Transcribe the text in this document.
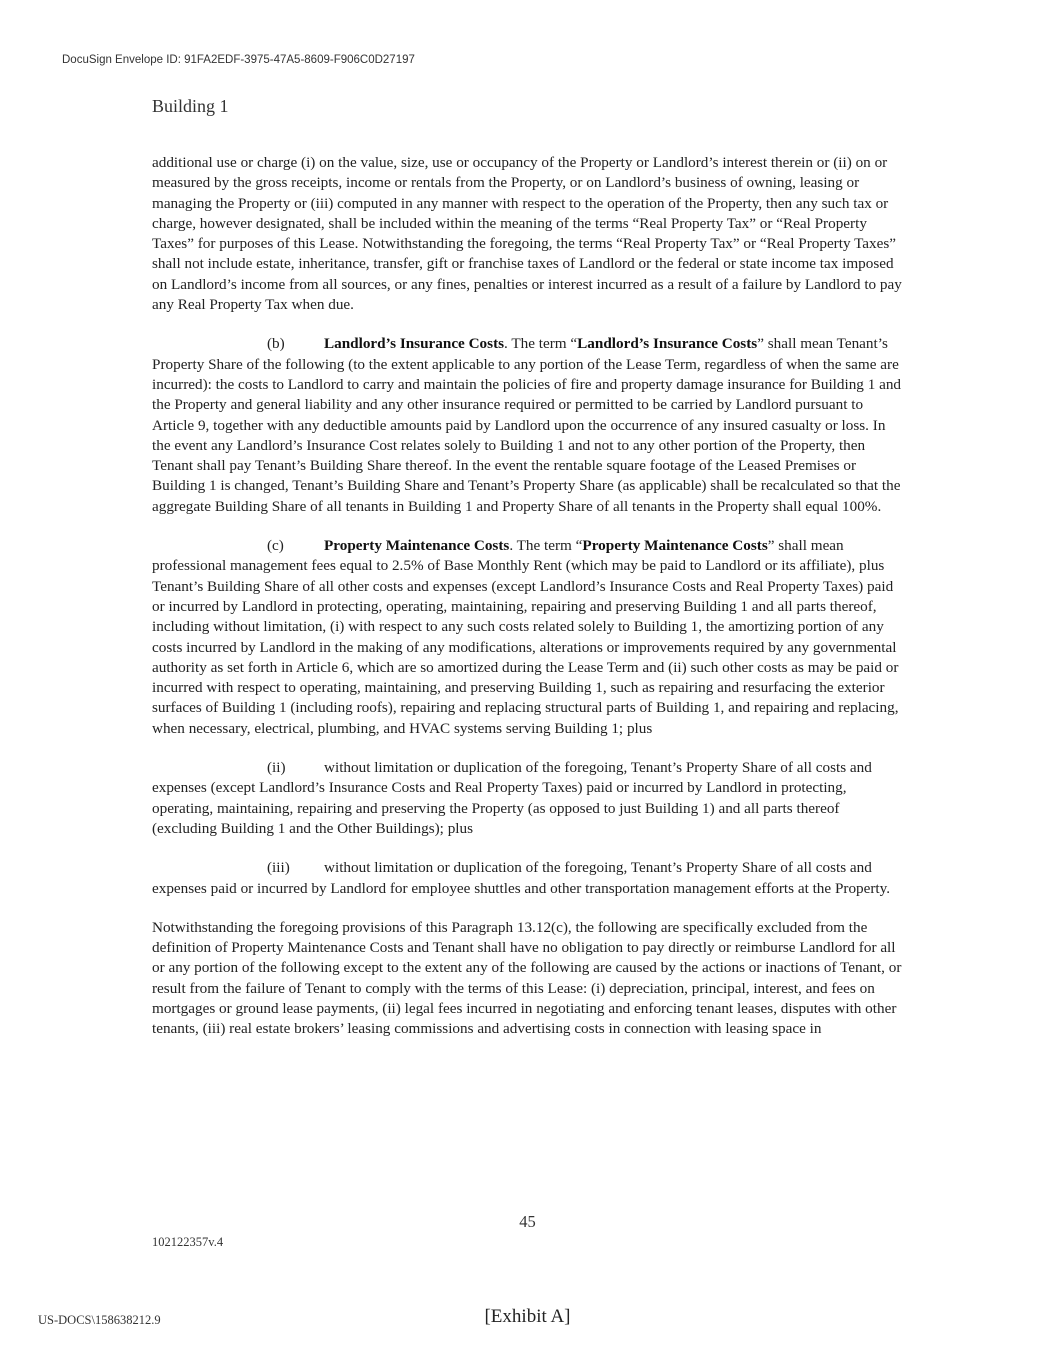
DocuSign Envelope ID: 91FA2EDF-3975-47A5-8609-F906C0D27197
Building 1

additional use or charge (i) on the value, size, use or occupancy of the Property or Landlord’s interest therein or (ii) on or measured by the gross receipts, income or rentals from the Property, or on Landlord’s business of owning, leasing or managing the Property or (iii) computed in any manner with respect to the operation of the Property, then any such tax or charge, however designated, shall be included within the meaning of the terms “Real Property Tax” or “Real Property Taxes” for purposes of this Lease. Notwithstanding the foregoing, the terms “Real Property Tax” or “Real Property Taxes” shall not include estate, inheritance, transfer, gift or franchise taxes of Landlord or the federal or state income tax imposed on Landlord’s income from all sources, or any fines, penalties or interest incurred as a result of a failure by Landlord to pay any Real Property Tax when due.

(b)	Landlord’s Insurance Costs. The term “Landlord’s Insurance Costs” shall mean Tenant’s Property Share of the following (to the extent applicable to any portion of the Lease Term, regardless of when the same are incurred): the costs to Landlord to carry and maintain the policies of fire and property damage insurance for Building 1 and the Property and general liability and any other insurance required or permitted to be carried by Landlord pursuant to Article 9, together with any deductible amounts paid by Landlord upon the occurrence of any insured casualty or loss. In the event any Landlord’s Insurance Cost relates solely to Building 1 and not to any other portion of the Property, then Tenant shall pay Tenant’s Building Share thereof. In the event the rentable square footage of the Leased Premises or Building 1 is changed, Tenant’s Building Share and Tenant’s Property Share (as applicable) shall be recalculated so that the aggregate Building Share of all tenants in Building 1 and Property Share of all tenants in the Property shall equal 100%.

(c)	Property Maintenance Costs. The term “Property Maintenance Costs” shall mean professional management fees equal to 2.5% of Base Monthly Rent (which may be paid to Landlord or its affiliate), plus Tenant’s Building Share of all other costs and expenses (except Landlord’s Insurance Costs and Real Property Taxes) paid or incurred by Landlord in protecting, operating, maintaining, repairing and preserving Building 1 and all parts thereof, including without limitation, (i) with respect to any such costs related solely to Building 1, the amortizing portion of any costs incurred by Landlord in the making of any modifications, alterations or improvements required by any governmental authority as set forth in Article 6, which are so amortized during the Lease Term and (ii) such other costs as may be paid or incurred with respect to operating, maintaining, and preserving Building 1, such as repairing and resurfacing the exterior surfaces of Building 1 (including roofs), repairing and replacing structural parts of Building 1, and repairing and replacing, when necessary, electrical, plumbing, and HVAC systems serving Building 1; plus

(ii)	without limitation or duplication of the foregoing, Tenant’s Property Share of all costs and expenses (except Landlord’s Insurance Costs and Real Property Taxes) paid or incurred by Landlord in protecting, operating, maintaining, repairing and preserving the Property (as opposed to just Building 1) and all parts thereof (excluding Building 1 and the Other Buildings); plus

(iii) without limitation or duplication of the foregoing, Tenant’s Property Share of all costs and expenses paid or incurred by Landlord for employee shuttles and other transportation management efforts at the Property.

Notwithstanding the foregoing provisions of this Paragraph 13.12(c), the following are specifically excluded from the definition of Property Maintenance Costs and Tenant shall have no obligation to pay directly or reimburse Landlord for all or any portion of the following except to the extent any of the following are caused by the actions or inactions of Tenant, or result from the failure of Tenant to comply with the terms of this Lease: (i) depreciation, principal, interest, and fees on mortgages or ground lease payments, (ii) legal fees incurred in negotiating and enforcing tenant leases, disputes with other tenants, (iii) real estate brokers’ leasing commissions and advertising costs in connection with leasing space in

45
102122357v.4
US-DOCS\158638212.9	[Exhibit A]
